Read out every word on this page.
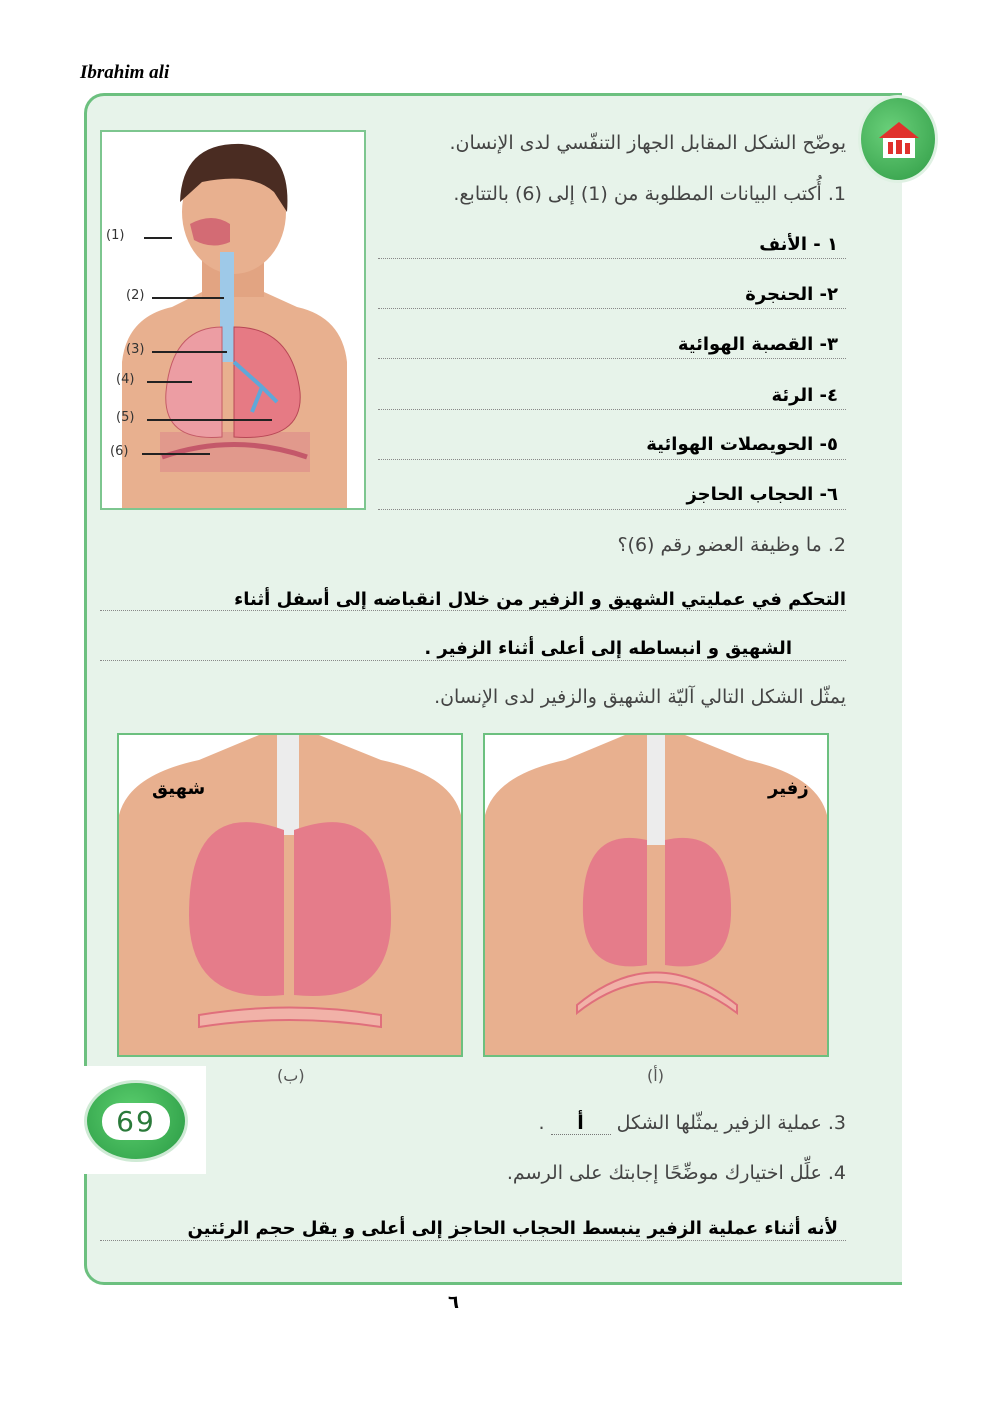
Ibrahim ali
(1)
(2)
(3)
(4)
(5)
(6)
يوضّح الشكل المقابل الجهاز التنفّسي لدى الإنسان.
1. أُكتب البيانات المطلوبة من (1) إلى (6) بالتتابع.
١ - الأنف
٢- الحنجرة
٣- القصبة الهوائية
٤- الرئة
٥- الحويصلات الهوائية
٦- الحجاب الحاجز
2. ما وظيفة العضو رقم (6)؟
التحكم في عمليتي الشهيق و الزفير من خلال انقباضه إلى أسفل أثناء
الشهيق و انبساطه إلى أعلى أثناء الزفير .
يمثّل الشكل التالي آليّة الشهيق والزفير لدى الإنسان.
شهيق	زفير
(ب)	(أ)
69	3. عملية الزفير يمثّلها الشكل أ .
4. علِّل اختيارك موضِّحًا إجابتك على الرسم.
لأنه أثناء عملية الزفير ينبسط الحجاب الحاجز إلى أعلى و يقل حجم الرئتين
٦
